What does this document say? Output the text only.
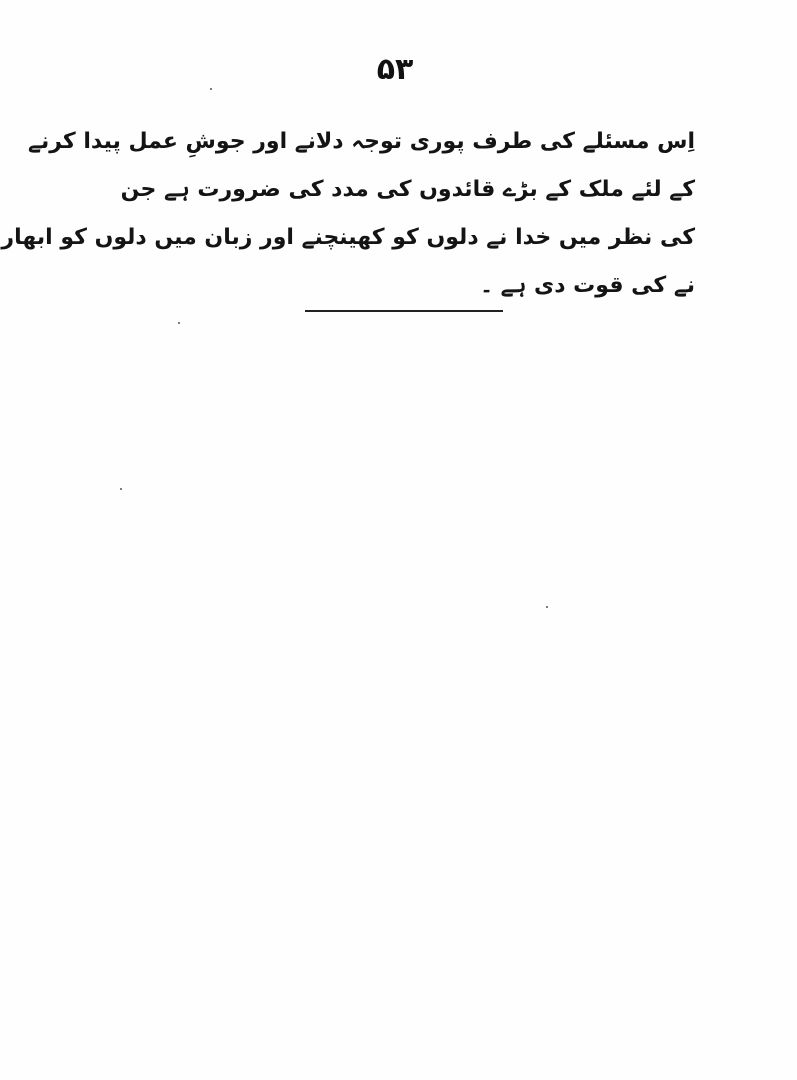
۵۳
اِس مسئلے کی طرف پوری توجہ دلانے اور جوشِ عمل پیدا کرنے
کے لئے ملک کے بڑے قائدوں کی مدد کی ضرورت ہے جن
کی نظر میں خدا نے دلوں کو کھینچنے اور زبان میں دلوں کو ابھار
نے کی قوت دی ہے ۔
